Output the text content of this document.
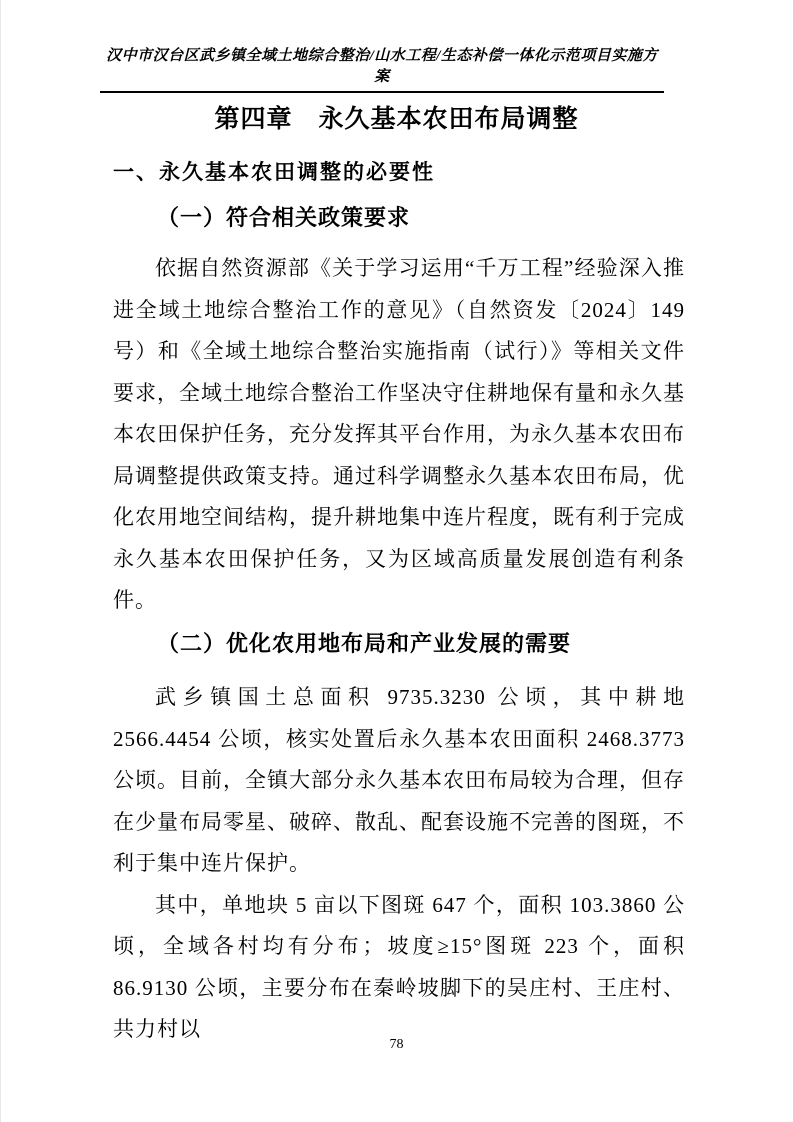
汉中市汉台区武乡镇全域土地综合整治/山水工程/生态补偿一体化示范项目实施方案
第四章　永久基本农田布局调整
一、永久基本农田调整的必要性
（一）符合相关政策要求

依据自然资源部《关于学习运用“千万工程”经验深入推进全域土地综合整治工作的意见》（自然资发〔2024〕149号）和《全域土地综合整治实施指南（试行）》等相关文件要求，全域土地综合整治工作坚决守住耕地保有量和永久基本农田保护任务，充分发挥其平台作用，为永久基本农田布局调整提供政策支持。通过科学调整永久基本农田布局，优化农用地空间结构，提升耕地集中连片程度，既有利于完成永久基本农田保护任务，又为区域高质量发展创造有利条件。

（二）优化农用地布局和产业发展的需要

武乡镇国土总面积 9735.3230 公顷，其中耕地 2566.4454 公顷，核实处置后永久基本农田面积 2468.3773 公顷。目前，全镇大部分永久基本农田布局较为合理，但存在少量布局零星、破碎、散乱、配套设施不完善的图斑，不利于集中连片保护。

其中，单地块 5 亩以下图斑 647 个，面积 103.3860 公顷，全域各村均有分布；坡度≥15°图斑 223 个，面积 86.9130 公顷，主要分布在秦岭坡脚下的吴庄村、王庄村、共力村以

78
